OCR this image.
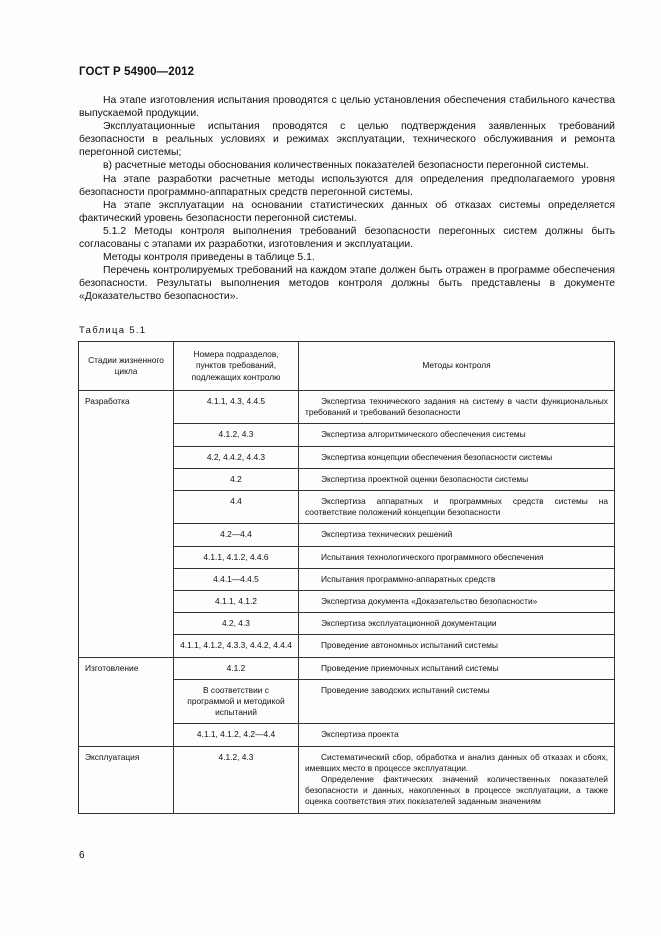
ГОСТ Р 54900—2012

На этапе изготовления испытания проводятся с целью установления обеспечения стабильного качества выпускаемой продукции.

Эксплуатационные испытания проводятся с целью подтверждения заявленных требований безопасности в реальных условиях и режимах эксплуатации, технического обслуживания и ремонта перегонной системы;

в) расчетные методы обоснования количественных показателей безопасности перегонной системы.

На этапе разработки расчетные методы используются для определения предполагаемого уровня безопасности программно-аппаратных средств перегонной системы.

На этапе эксплуатации на основании статистических данных об отказах системы определяется фактический уровень безопасности перегонной системы.

5.1.2 Методы контроля выполнения требований безопасности перегонных систем должны быть согласованы с этапами их разработки, изготовления и эксплуатации.

Методы контроля приведены в таблице 5.1.

Перечень контролируемых требований на каждом этапе должен быть отражен в программе обеспечения безопасности. Результаты выполнения методов контроля должны быть представлены в документе «Доказательство безопасности».

Таблица 5.1
Стадии жизненного цикла	Номера подразделов, пунктов требований, подлежащих контролю	Методы контроля
Разработка	4.1.1, 4.3, 4.4.5	Экспертиза технического задания на систему в части функциональных требований и требований безопасности

	4.1.2, 4.3	Экспертиза алгоритмического обеспечения системы

	4.2, 4.4.2, 4.4.3	Экспертиза концепции обеспечения безопасности системы

	4.2	Экспертиза проектной оценки безопасности системы

	4.4	Экспертиза аппаратных и программных средств системы на соответствие положений концепции безопасности

	4.2—4.4	Экспертиза технических решений

	4.1.1, 4.1.2, 4.4.6	Испытания технологического программного обеспечения

	4.4.1—4.4.5	Испытания программно-аппаратных средств

	4.1.1, 4.1.2	Экспертиза документа «Доказательство безопасности»

	4.2, 4.3	Экспертиза эксплуатационной документации

	4.1.1, 4.1.2, 4.3.3, 4.4.2, 4.4.4	Проведение автономных испытаний системы

Изготовление	4.1.2	Проведение приемочных испытаний системы

	В соответствии с программой и методикой испытаний	Проведение заводских испытаний системы

	4.1.1, 4.1.2, 4.2—4.4	Экспертиза проекта

Эксплуатация	4.1.2, 4.3	Систематический сбор, обработка и анализ данных об отказах и сбоях, имевших место в процессе эксплуатации.

Определение фактических значений количественных показателей безопасности и данных, накопленных в процессе эксплуатации, а также оценка соответствия этих показателей заданным значениям

6
